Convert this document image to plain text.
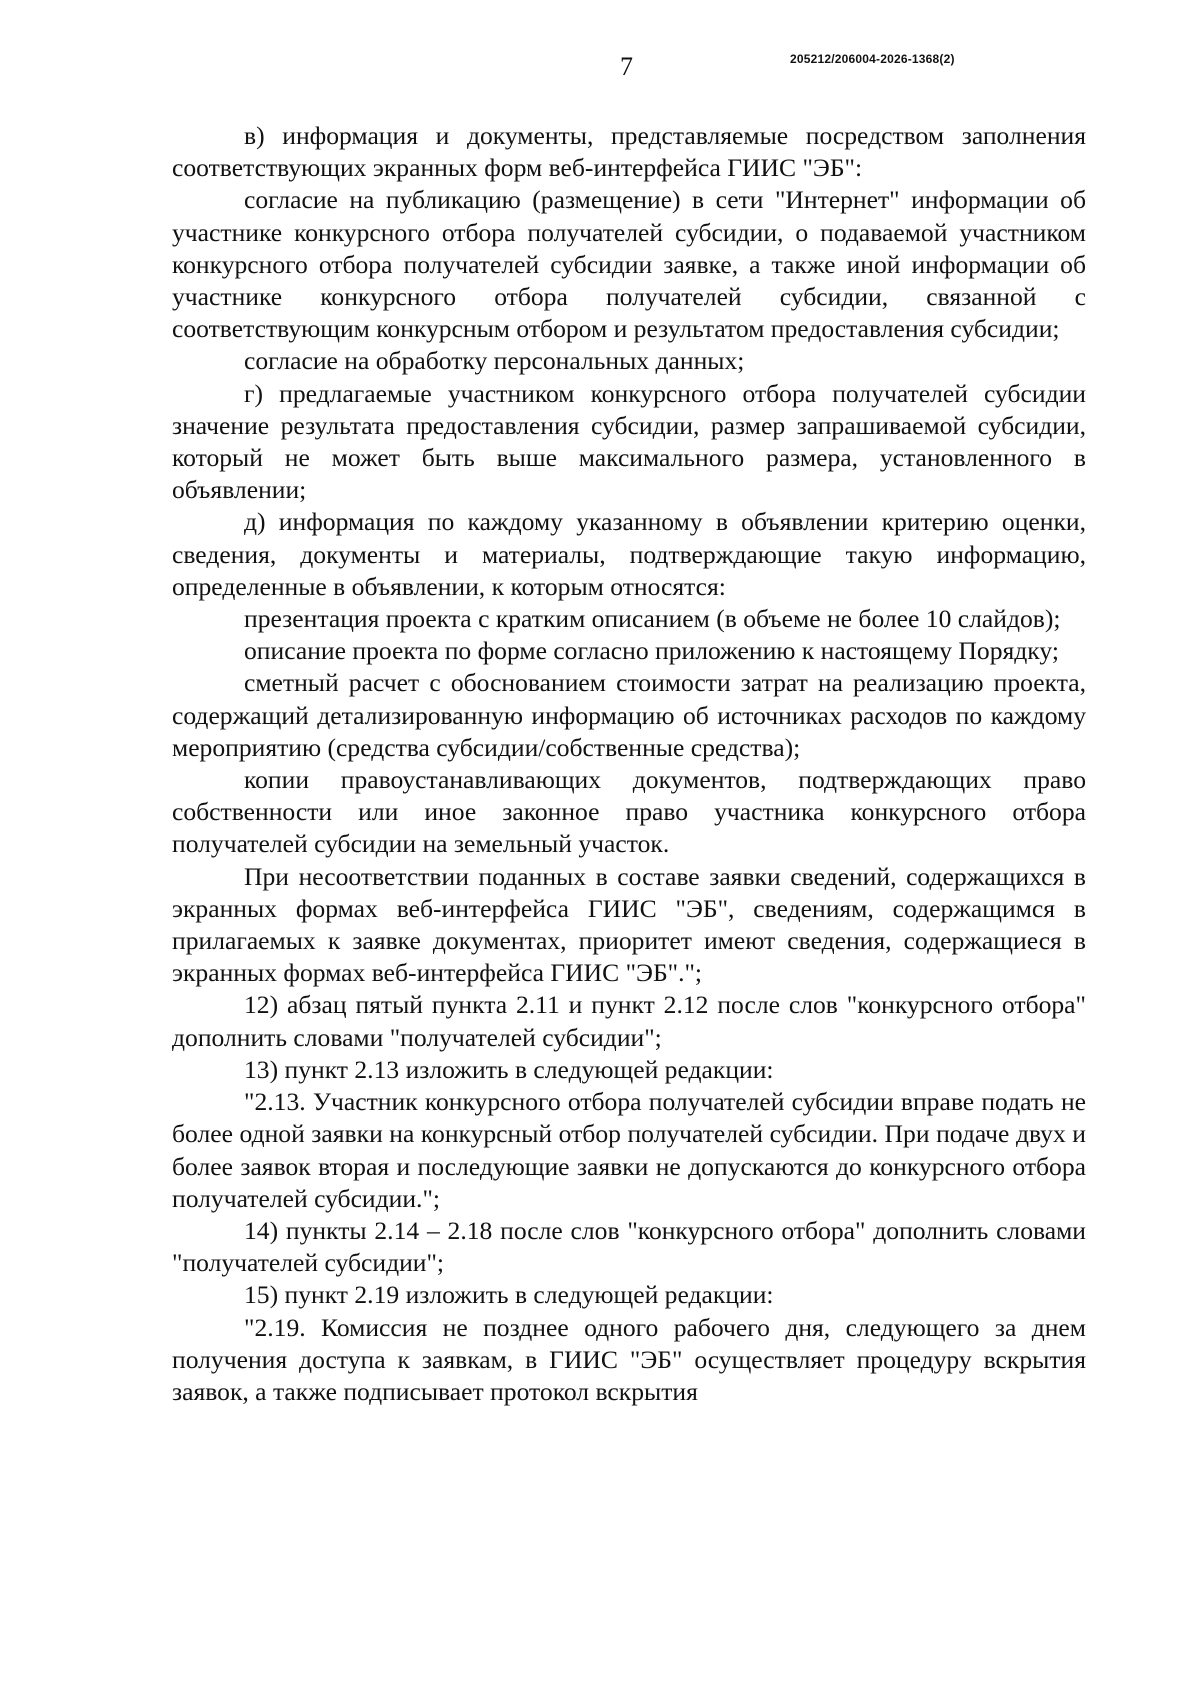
7	205212/206004-2026-1368(2)

в) информация и документы, представляемые посредством заполнения соответствующих экранных форм веб-интерфейса ГИИС "ЭБ":

согласие на публикацию (размещение) в сети "Интернет" информации об участнике конкурсного отбора получателей субсидии, о подаваемой участником конкурсного отбора получателей субсидии заявке, а также иной информации об участнике конкурсного отбора получателей субсидии, связанной с соответствующим конкурсным отбором и результатом предоставления субсидии;

согласие на обработку персональных данных;

г) предлагаемые участником конкурсного отбора получателей субсидии значение результата предоставления субсидии, размер запрашиваемой субсидии, который не может быть выше максимального размера, установленного в объявлении;

д) информация по каждому указанному в объявлении критерию оценки, сведения, документы и материалы, подтверждающие такую информацию, определенные в объявлении, к которым относятся:

презентация проекта с кратким описанием (в объеме не более 10 слайдов);

описание проекта по форме согласно приложению к настоящему Порядку;

сметный расчет с обоснованием стоимости затрат на реализацию проекта, содержащий детализированную информацию об источниках расходов по каждому мероприятию (средства субсидии/собственные средства);

копии правоустанавливающих документов, подтверждающих право собственности или иное законное право участника конкурсного отбора получателей субсидии на земельный участок.

При несоответствии поданных в составе заявки сведений, содержащихся в экранных формах веб-интерфейса ГИИС "ЭБ", сведениям, содержащимся в прилагаемых к заявке документах, приоритет имеют сведения, содержащиеся в экранных формах веб-интерфейса ГИИС "ЭБ".";

12) абзац пятый пункта 2.11 и пункт 2.12 после слов "конкурсного отбора" дополнить словами "получателей субсидии";

13) пункт 2.13 изложить в следующей редакции:

"2.13. Участник конкурсного отбора получателей субсидии вправе подать не более одной заявки на конкурсный отбор получателей субсидии. При подаче двух и более заявок вторая и последующие заявки не допускаются до конкурсного отбора получателей субсидии.";

14) пункты 2.14 – 2.18 после слов "конкурсного отбора" дополнить словами "получателей субсидии";

15) пункт 2.19 изложить в следующей редакции:

"2.19. Комиссия не позднее одного рабочего дня, следующего за днем получения доступа к заявкам, в ГИИС "ЭБ" осуществляет процедуру вскрытия заявок, а также подписывает протокол вскрытия
